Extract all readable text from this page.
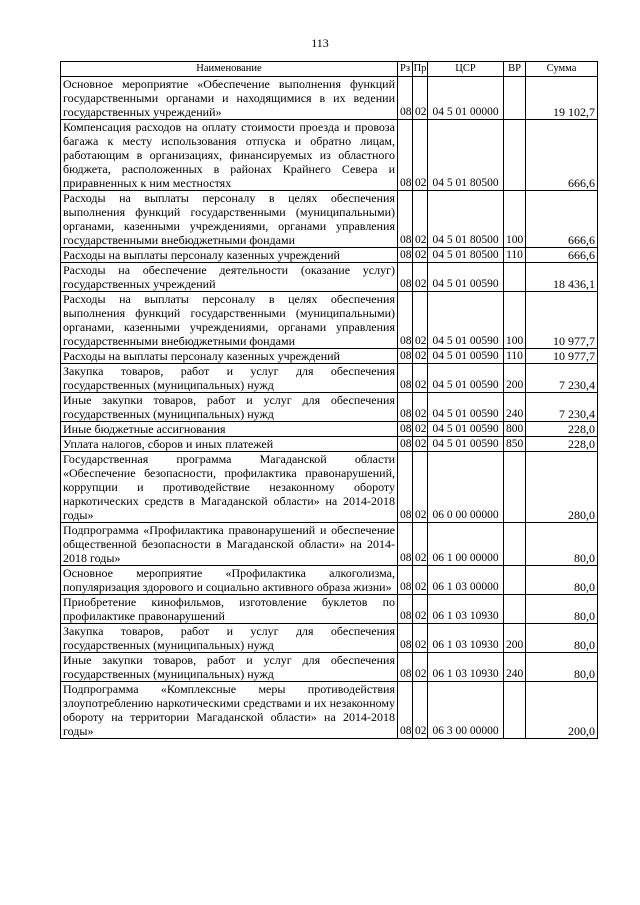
113
Наименование	Рз	Пр	ЦСР	ВР	Сумма
Основное мероприятие «Обеспечение выполнения функций государственными органами и находящимися в их ведении государственных учреждений»	08	02	04 5 01 00000		19 102,7
Компенсация расходов на оплату стоимости проезда и провоза багажа к месту использования отпуска и обратно лицам, работающим в организациях, финансируемых из областного бюджета, расположенных в районах Крайнего Севера и приравненных к ним местностях	08	02	04 5 01 80500		666,6
Расходы на выплаты персоналу в целях обеспечения выполнения функций государственными (муниципальными) органами, казенными учреждениями, органами управления государственными внебюджетными фондами	08	02	04 5 01 80500	100	666,6
Расходы на выплаты персоналу казенных учреждений	08	02	04 5 01 80500	110	666,6
Расходы на обеспечение деятельности (оказание услуг) государственных учреждений	08	02	04 5 01 00590		18 436,1
Расходы на выплаты персоналу в целях обеспечения выполнения функций государственными (муниципальными) органами, казенными учреждениями, органами управления государственными внебюджетными фондами	08	02	04 5 01 00590	100	10 977,7
Расходы на выплаты персоналу казенных учреждений	08	02	04 5 01 00590	110	10 977,7
Закупка товаров, работ и услуг для обеспечения государственных (муниципальных) нужд	08	02	04 5 01 00590	200	7 230,4
Иные закупки товаров, работ и услуг для обеспечения государственных (муниципальных) нужд	08	02	04 5 01 00590	240	7 230,4
Иные бюджетные ассигнования	08	02	04 5 01 00590	800	228,0
Уплата налогов, сборов и иных платежей	08	02	04 5 01 00590	850	228,0
Государственная программа Магаданской области «Обеспечение безопасности, профилактика правонарушений, коррупции и противодействие незаконному обороту наркотических средств в Магаданской области» на 2014-2018 годы»	08	02	06 0 00 00000		280,0
Подпрограмма «Профилактика правонарушений и обеспечение общественной безопасности в Магаданской области» на 2014-2018 годы»	08	02	06 1 00 00000		80,0
Основное мероприятие «Профилактика алкоголизма, популяризация здорового и социально активного образа жизни»	08	02	06 1 03 00000		80,0
Приобретение кинофильмов, изготовление буклетов по профилактике правонарушений	08	02	06 1 03 10930		80,0
Закупка товаров, работ и услуг для обеспечения государственных (муниципальных) нужд	08	02	06 1 03 10930	200	80,0
Иные закупки товаров, работ и услуг для обеспечения государственных (муниципальных) нужд	08	02	06 1 03 10930	240	80,0
Подпрограмма «Комплексные меры противодействия злоупотреблению наркотическими средствами и их незаконному обороту на территории Магаданской области» на 2014-2018 годы»	08	02	06 3 00 00000		200,0
